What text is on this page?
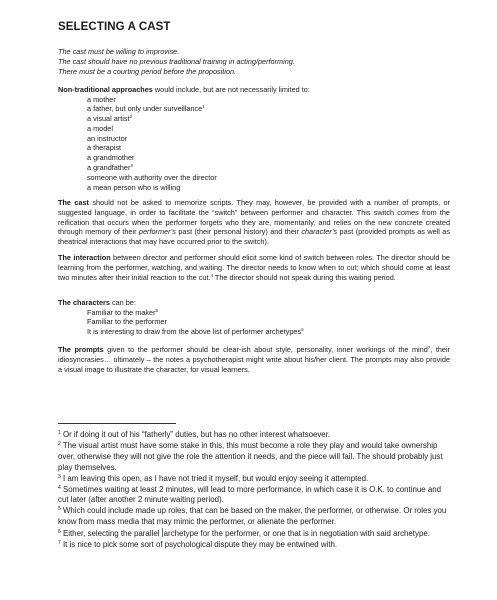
SELECTING A CAST
The cast must be willing to improvise.
The cast should have no previous traditional training in acting/performing.
There must be a courting period before the proposition.
Non-traditional approaches would include, but are not necessarily limited to:
a mother
a father, but only under surveillance$^1$
a visual artist$^2$
a model
an instructor
a therapist
a grandmother
a grandfather$^3$
someone with authority over the director
a mean person who is willing
The cast should not be asked to memorize scripts. They may, however, be provided with a number of prompts, or suggested language, in order to facilitate the “switch” between performer and character. This switch comes from the reification that occurs when the performer forgets who they are, momentarily, and relies on the new concrete created through memory of their performer’s past (their personal history) and their character’s past (provided prompts as well as theatrical interactions that may have occurred prior to the switch).
The interaction between director and performer should elicit some kind of switch between roles. The director should be learning from the performer, watching, and waiting. The director needs to know when to cut; which should come at least two minutes after their initial reaction to the cut.$^4$ The director should not speak during this waiting period.
The characters can be:
Familiar to the maker$^5$
Familiar to the performer
It is interesting to draw from the above list of performer archetypes$^6$
The prompts given to the performer should be clear-ish about style, personality, inner workings of the mind$^7$, their idiosyncrasies… ultimately – the notes a psychotherapist might write about his/her client. The prompts may also provide a visual image to illustrate the character, for visual learners.

$^1$ Or if doing it out of his “fatherly” duties, but has no other interest whatsoever.

$^2$ The visual artist must have some stake in this, this must become a role they play and would take ownership over, otherwise they will not give the role the attention it needs, and the piece will fail. The should probably just play themselves.

$^3$ I am leaving this open, as I have not tried it myself, but would enjoy seeing it attempted.

$^4$ Sometimes waiting at least 2 minutes, will lead to more performance, in which case it is O.K. to continue and cut later (after another 2 minute waiting period).

$^5$ Which could include made up roles, that can be based on the maker, the performer, or otherwise. Or roles you know from mass media that may mimic the performer, or alienate the performer.

$^6$ Either, selecting the parallel archetype for the performer, or one that is in negotiation with said archetype.

$^7$ It is nice to pick some sort of psychological dispute they may be entwined with.
